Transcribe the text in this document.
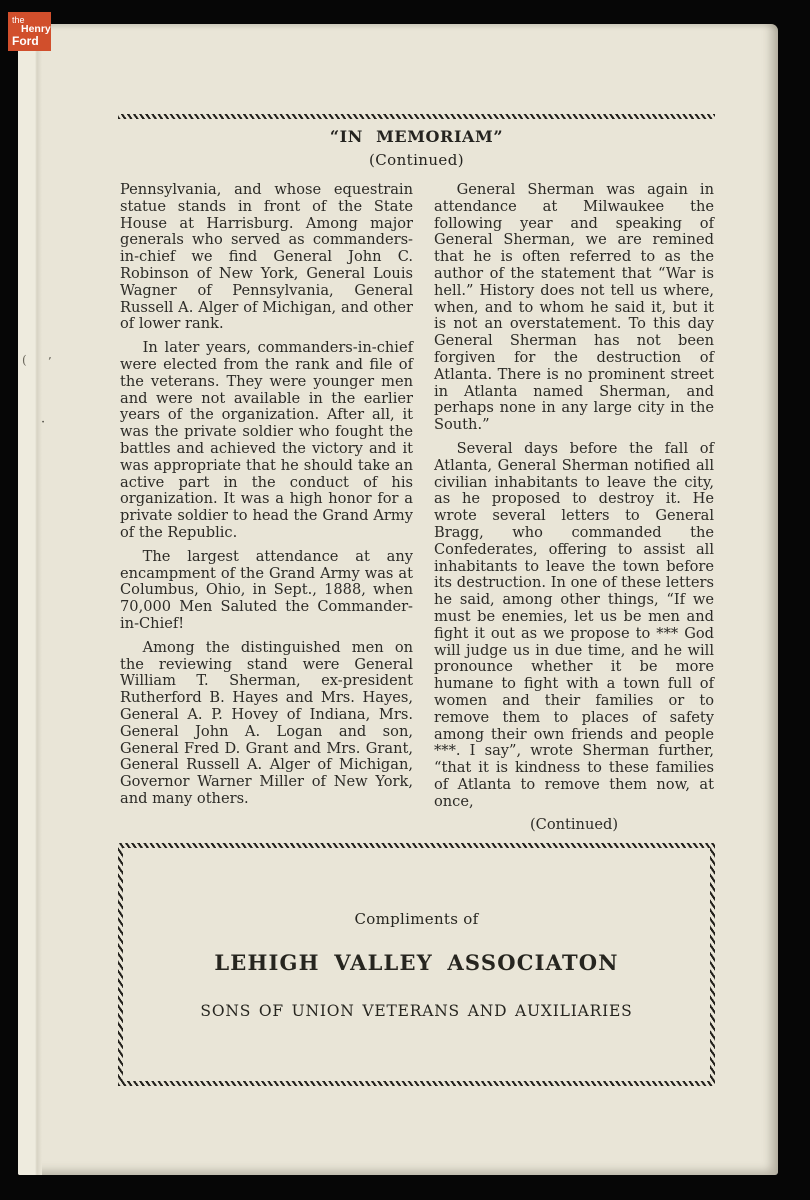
the
Henry
Ford
’
·
(
“IN MEMORIAM”
(Continued)

Pennsylvania, and whose equestrain statue stands in front of the State House at Harrisburg. Among major generals who served as commanders-in-chief we find General John C. Robinson of New York, General Louis Wagner of Pennsylvania, General Russell A. Alger of Michigan, and other of lower rank.

In later years, commanders-in-chief were elected from the rank and file of the veterans. They were younger men and were not available in the earlier years of the organization. After all, it was the private soldier who fought the battles and achieved the victory and it was appropriate that he should take an active part in the conduct of his organization. It was a high honor for a private soldier to head the Grand Army of the Republic.

The largest attendance at any encampment of the Grand Army was at Columbus, Ohio, in Sept., 1888, when 70,000 Men Saluted the Commander-in-Chief!

Among the distinguished men on the reviewing stand were General William T. Sherman, ex-president Rutherford B. Hayes and Mrs. Hayes, General A. P. Hovey of Indiana, Mrs. General John A. Logan and son, General Fred D. Grant and Mrs. Grant, General Russell A. Alger of Michigan, Governor Warner Miller of New York, and many others.

General Sherman was again in attendance at Milwaukee the following year and speaking of General Sherman, we are remined that he is often referred to as the author of the statement that “War is hell.” History does not tell us where, when, and to whom he said it, but it is not an overstatement. To this day General Sherman has not been forgiven for the destruction of Atlanta. There is no prominent street in Atlanta named Sherman, and perhaps none in any large city in the South.”

Several days before the fall of Atlanta, General Sherman notified all civilian inhabitants to leave the city, as he proposed to destroy it. He wrote several letters to General Bragg, who commanded the Confederates, offering to assist all inhabitants to leave the town before its destruction. In one of these letters he said, among other things, “If we must be enemies, let us be men and fight it out as we propose to *** God will judge us in due time, and he will pronounce whether it be more humane to fight with a town full of women and their families or to remove them to places of safety among their own friends and people ***. I say”, wrote Sherman further, “that it is kindness to these families of Atlanta to remove them now, at once,

(Continued)

Compliments of
LEHIGH VALLEY ASSOCIATON
SONS OF UNION VETERANS AND AUXILIARIES
